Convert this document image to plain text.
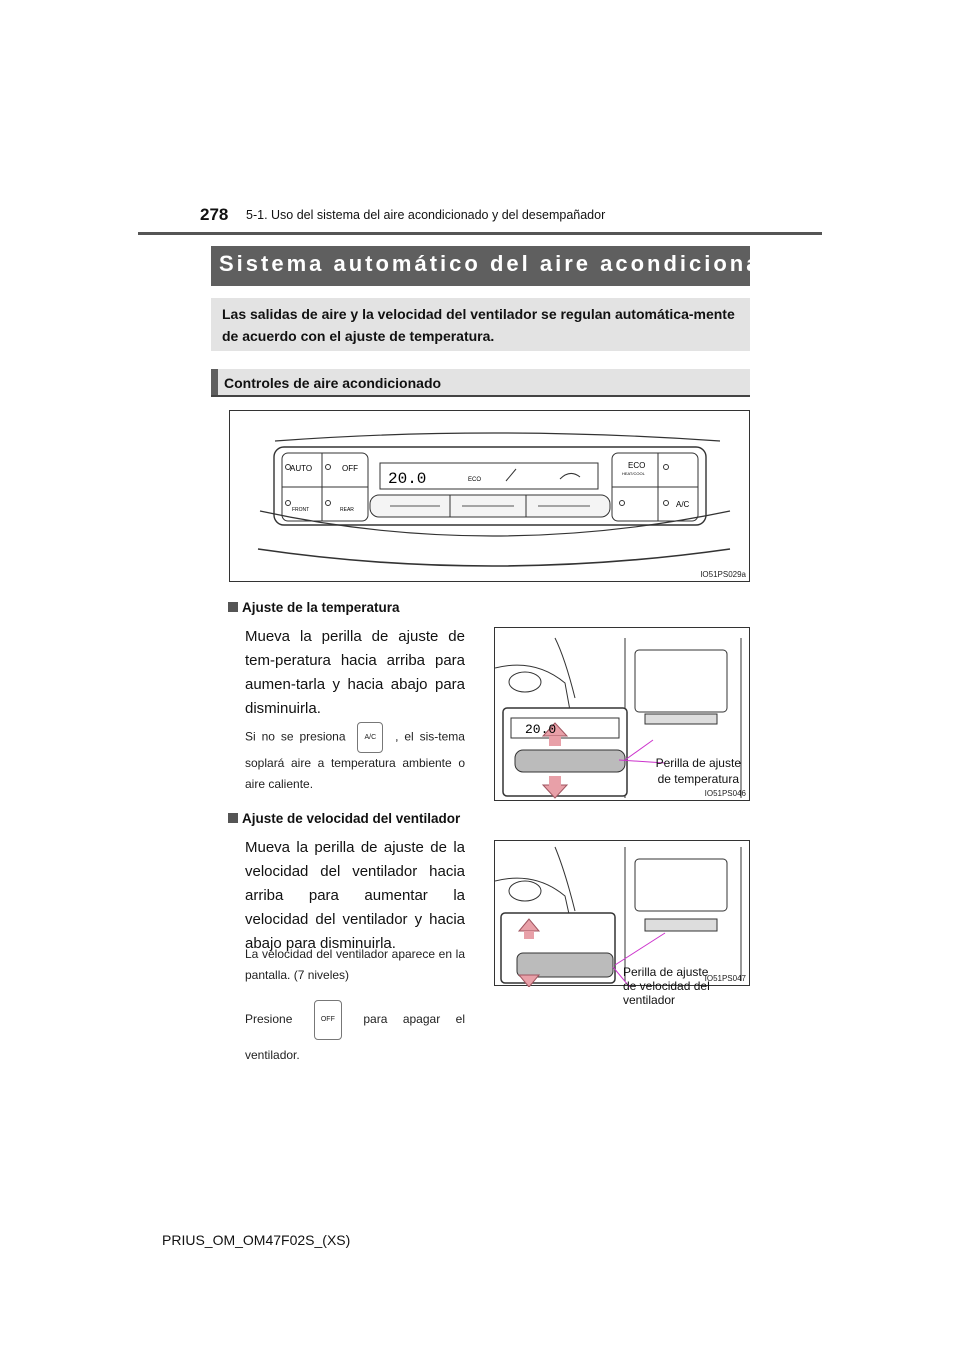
278 5-1. Uso del sistema del aire acondicionado y del desempañador
Sistema automático del aire acondicionado
Las salidas de aire y la velocidad del ventilador se regulan automática-mente de acuerdo con el ajuste de temperatura.
Controles de aire acondicionado
AUTO	OFF	ECO
HEAT/COOL
FRONT	REAR
A/C
20.0	ECO
IO51PS029a
Ajuste de la temperatura
Mueva la perilla de ajuste de tem-peratura hacia arriba para aumen-tarla y hacia abajo para disminuirla.
Si no se presiona	A/C , el sis-tema soplará aire a temperatura ambiente o aire caliente.
20.0
Perilla de ajuste
de temperatura
IO51PS046
Ajuste de velocidad del ventilador
Mueva la perilla de ajuste de la velocidad del ventilador hacia arriba para aumentar la velocidad del ventilador y hacia abajo para disminuirla.
La velocidad del ventilador aparece en la pantalla. (7 niveles)
Presione	OFF para apagar el ventilador.
Perilla de ajuste
de velocidad del
ventilador
IO51PS047
PRIUS_OM_OM47F02S_(XS)
